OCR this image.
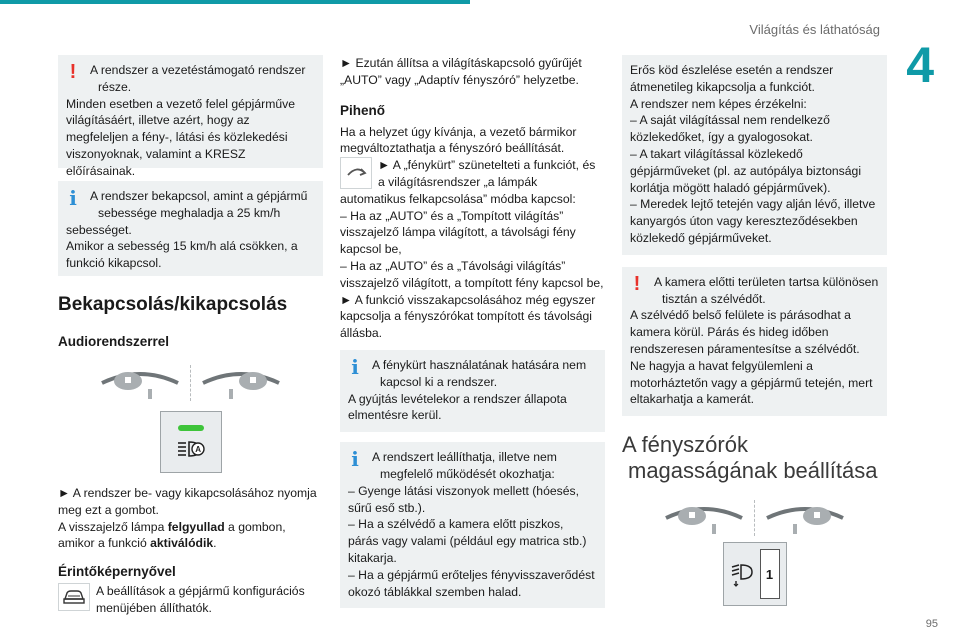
Világítás és láthatóság
4
95
!	A rendszer a vezetéstámogató rendszer
része.
Minden esetben a vezető felel gépjárműve világításáért, illetve azért, hogy az megfeleljen a fény-, látási és közlekedési viszonyoknak, valamint a KRESZ előírásainak.
i	A rendszer bekapcsol, amint a gépjármű
sebessége meghaladja a 25 km/h
sebességet.
Amikor a sebesség 15 km/h alá csökken, a funkció kikapcsol.
Bekapcsolás/kikapcsolás
Audiorendszerrel
A

► A rendszer be- vagy kikapcsolásához nyomja meg ezt a gombot.

A visszajelző lámpa felgyullad a gombon,

amikor a funkció aktiválódik.

Érintőképernyővel

A beállítások a gépjármű konfigurációs menüjében állíthatók.

► Ezután állítsa a világításkapcsoló gyűrűjét „AUTO” vagy „Adaptív fényszóró” helyzetbe.

Pihenő

Ha a helyzet úgy kívánja, a vezető bármikor megváltoztathatja a fényszóró beállítását.

► A „fénykürt” szünetelteti a funkciót, és a világításrendszer „a lámpák

automatikus felkapcsolása” módba kapcsol:
– Ha az „AUTO” és a „Tompított világítás” visszajelző lámpa világított, a távolsági fény kapcsol be,
– Ha az „AUTO” és a „Távolsági világítás” visszajelző világított, a tompított fény kapcsol be,
► A funkció visszakapcsolásához még egyszer kapcsolja a fényszórókat tompított és távolsági állásba.

i	A fénykürt használatának hatására nem
kapcsol ki a rendszer.
A gyújtás levételekor a rendszer állapota elmentésre kerül.
i	A rendszert leállíthatja, illetve nem
megfelelő működését okozhatja:
– Gyenge látási viszonyok mellett (hóesés, sűrű eső stb.).
– Ha a szélvédő a kamera előtt piszkos, párás vagy valami (például egy matrica stb.) kitakarja.
– Ha a gépjármű erőteljes fényvisszaverődést okozó táblákkal szemben halad.
Erős köd észlelése esetén a rendszer átmenetileg kikapcsolja a funkciót.
A rendszer nem képes érzékelni:
– A saját világítással nem rendelkező közlekedőket, így a gyalogosokat.
– A takart világítással közlekedő gépjárműveket (pl. az autópálya biztonsági korlátja mögött haladó gépjárművek).
– Meredek lejtő tetején vagy alján lévő, illetve kanyargós úton vagy kereszteződésekben közlekedő gépjárműveket.
!	A kamera előtti területen tartsa különösen
tisztán a szélvédőt.
A szélvédő belső felülete is párásodhat a kamera körül. Párás és hideg időben rendszeresen páramentesítse a szélvédőt.
Ne hagyja a havat felgyülemleni a motorháztetőn vagy a gépjármű tetején, mert eltakarhatja a kamerát.
A fényszórók
magasságának beállítása
1
